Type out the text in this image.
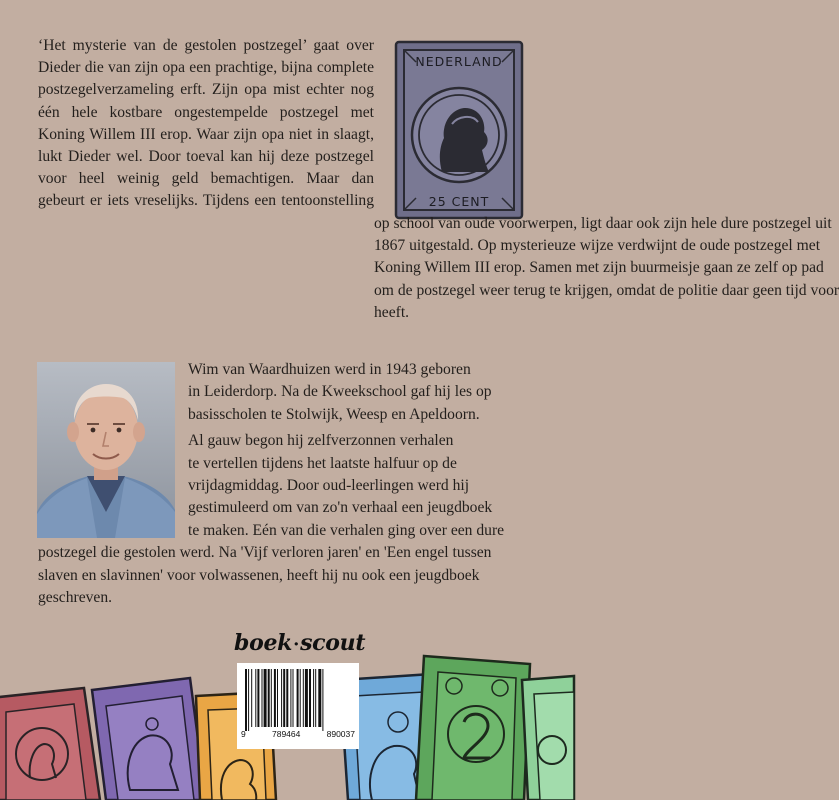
NEDERLAND
25 CENT
‘Het mysterie van de gestolen postzegel’ gaat over
Dieder die van zijn opa een prachtige, bijna complete
postzegelverzameling erft. Zijn opa mist echter nog
één hele kostbare ongestempelde postzegel met
Koning Willem III erop. Waar zijn opa niet in slaagt,
lukt Dieder wel. Door toeval kan hij deze postzegel
voor heel weinig geld bemachtigen. Maar dan
gebeurt er iets vreselijks. Tijdens een tentoonstelling
op school van oude voorwerpen, ligt daar ook zijn hele dure postzegel uit
1867 uitgestald. Op mysterieuze wijze verdwijnt de oude postzegel met
Koning Willem III erop. Samen met zijn buurmeisje gaan ze zelf op pad
om de postzegel weer terug te krijgen, omdat de politie daar geen tijd voor
heeft.
Wim van Waardhuizen werd in 1943 geboren
in Leiderdorp. Na de Kweekschool gaf hij les op
basisscholen te Stolwijk, Weesp en Apeldoorn.
Al gauw begon hij zelfverzonnen verhalen
te vertellen tijdens het laatste halfuur op de
vrijdagmiddag. Door oud-leerlingen werd hij
gestimuleerd om van zo'n verhaal een jeugdboek
te maken. Eén van die verhalen ging over een dure
postzegel die gestolen werd. Na 'Vijf verloren jaren' en 'Een engel tussen
slaven en slavinnen' voor volwassenen, heeft hij nu ook een jeugdboek
geschreven.
boek·scout
9	789464	890037
